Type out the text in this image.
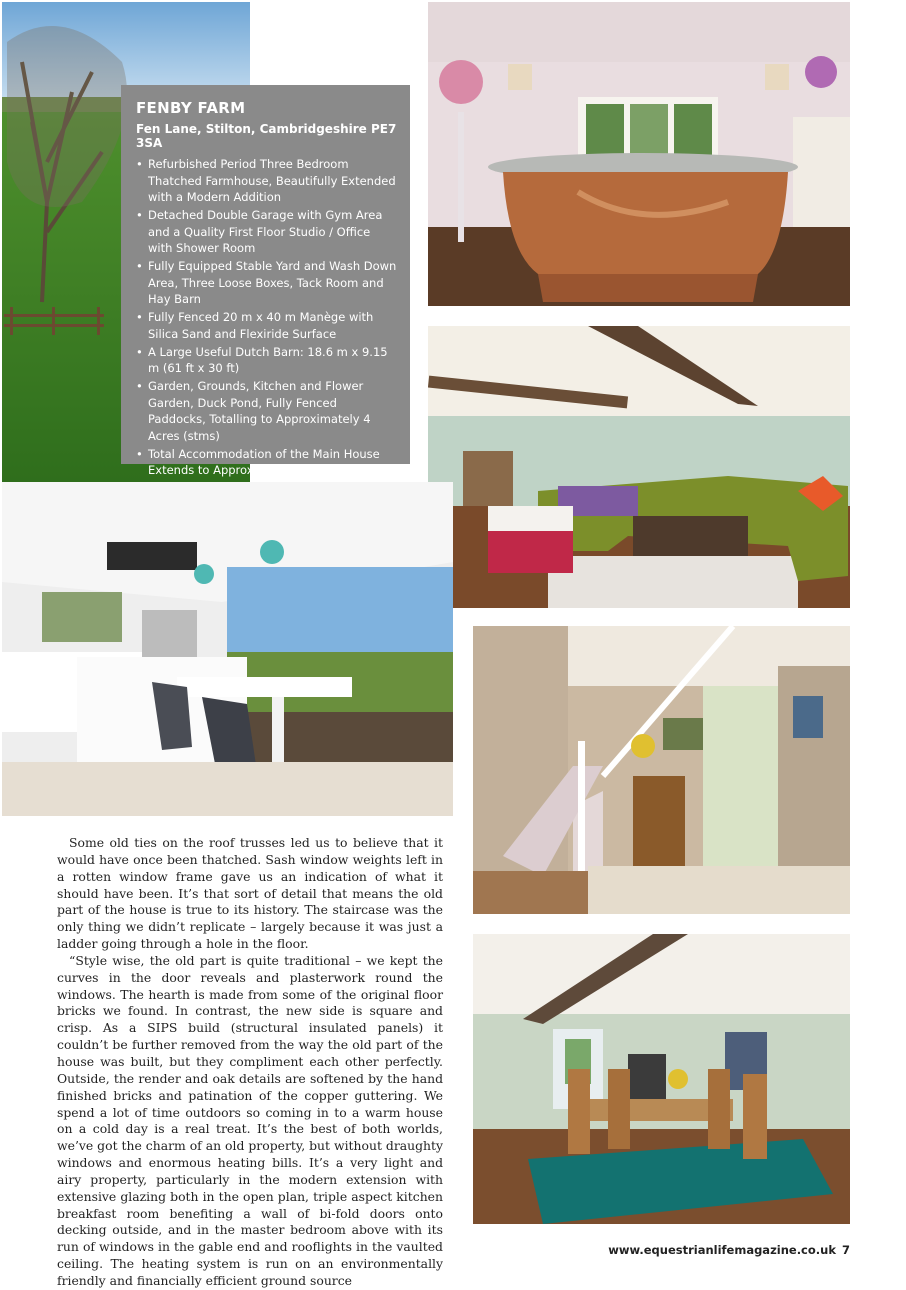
FENBY FARM
Fen Lane, Stilton, Cambridgeshire PE7 3SA
• Refurbished Period Three Bedroom Thatched Farmhouse, Beautifully Extended with a Modern Addition
• Detached Double Garage with Gym Area and a Quality First Floor Studio / Office with Shower Room
• Fully Equipped Stable Yard and Wash Down Area, Three Loose Boxes, Tack Room and Hay Barn
• Fully Fenced 20 m x 40 m Manège with Silica Sand and Flexiride Surface
• A Large Useful Dutch Barn: 18.6 m x 9.15 m (61 ft x 30 ft)
• Garden, Grounds, Kitchen and Flower Garden, Duck Pond, Fully Fenced Paddocks, Totalling to Approximately 4 Acres (stms)
• Total Accommodation of the Main House Extends to Approximately 2075 Sq. Ft.

Some old ties on the roof trusses led us to believe that it would have once been thatched. Sash window weights left in a rotten window frame gave us an indication of what it should have been. It’s that sort of detail that means the old part of the house is true to its history. The staircase was the only thing we didn’t replicate – largely because it was just a ladder going through a hole in the floor.

“Style wise, the old part is quite traditional – we kept the curves in the door reveals and plasterwork round the windows. The hearth is made from some of the original floor bricks we found. In contrast, the new side is square and crisp. As a SIPS build (structural insulated panels) it couldn’t be further removed from the way the old part of the house was built, but they compliment each other perfectly. Outside, the render and oak details are softened by the hand finished bricks and patination of the copper guttering. We spend a lot of time outdoors so coming in to a warm house on a cold day is a real treat. It’s the best of both worlds, we’ve got the charm of an old property, but without draughty windows and enormous heating bills. It’s a very light and airy property, particularly in the modern extension with extensive glazing both in the open plan, triple aspect kitchen breakfast room benefiting a wall of bi-fold doors onto decking outside, and in the master bedroom above with its run of windows in the gable end and rooflights in the vaulted ceiling. The heating system is run on an environmentally friendly and financially efficient ground source

www.equestrianlifemagazine.co.uk 7
